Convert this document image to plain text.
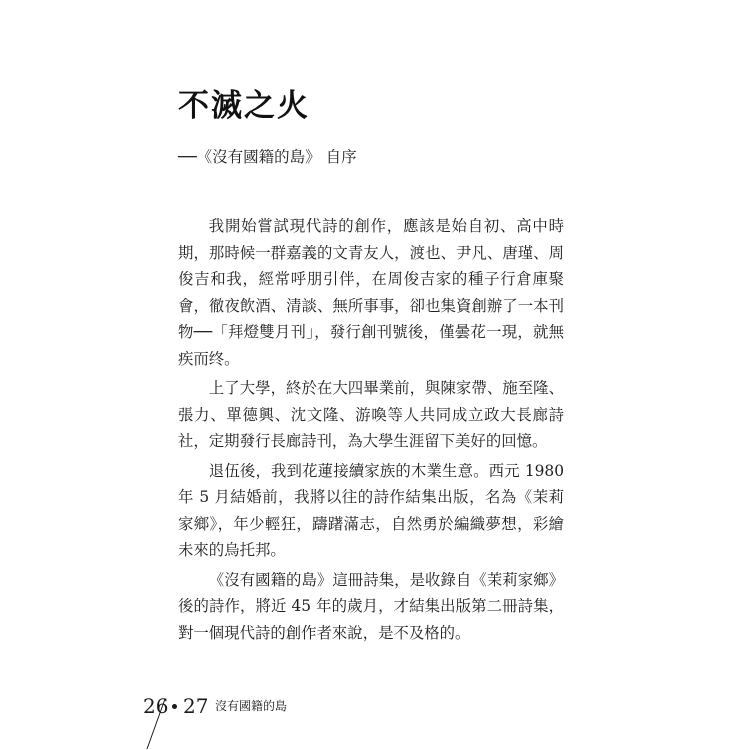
不滅之火
──《沒有國籍的島》 自序

我開始嘗試現代詩的創作，應該是始自初、高中時期，那時候一群嘉義的文青友人，渡也、尹凡、唐瑾、周俊吉和我，經常呼朋引伴，在周俊吉家的種子行倉庫聚會，徹夜飲酒、清談、無所事事，卻也集資創辦了一本刊物──「拜燈雙月刊」，發行創刊號後，僅曇花一現，就無疾而终。

上了大學，終於在大四畢業前，與陳家帶、施至隆、張力、單德興、沈文隆、游喚等人共同成立政大長廊詩社，定期發行長廊詩刊，為大學生涯留下美好的回憶。

退伍後，我到花蓮接續家族的木業生意。西元 1980 年 5 月結婚前，我將以往的詩作結集出版，名為《茉莉家鄉》，年少輕狂，躊躇滿志，自然勇於編織夢想，彩繪未來的烏托邦。

《沒有國籍的島》這冊詩集，是收錄自《茉莉家鄉》後的詩作，將近 45 年的歲月，才結集出版第二冊詩集，對一個現代詩的創作者來說，是不及格的。

26 27 沒有國籍的島
